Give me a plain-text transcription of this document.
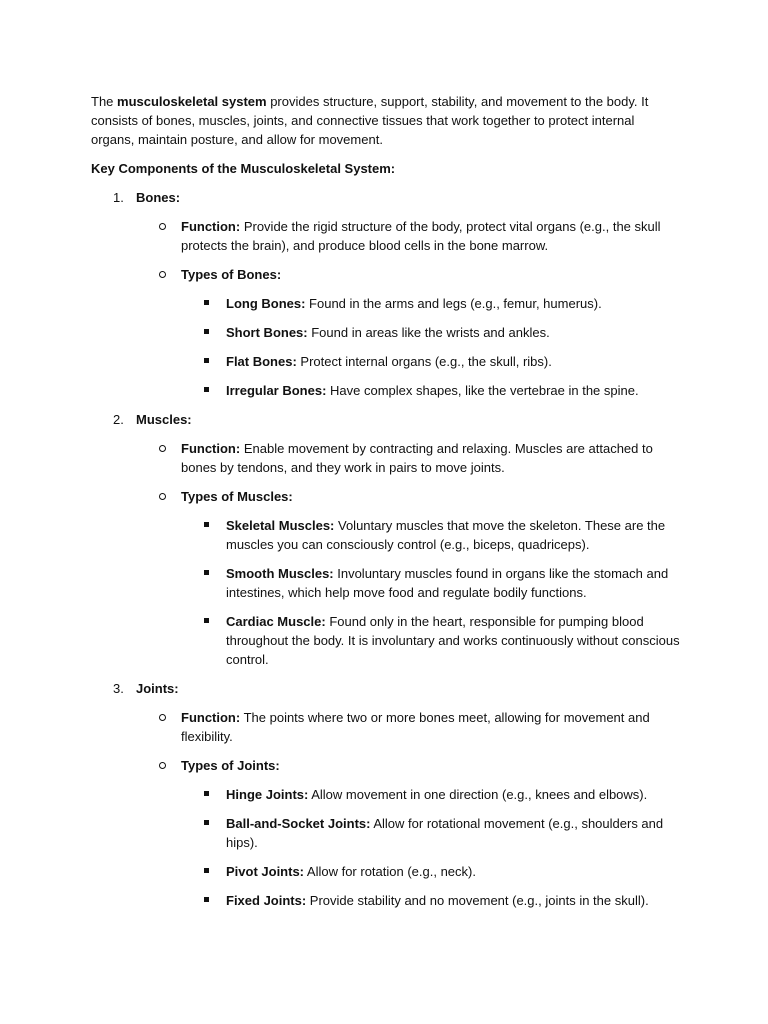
The musculoskeletal system provides structure, support, stability, and movement to the body. It consists of bones, muscles, joints, and connective tissues that work together to protect internal organs, maintain posture, and allow for movement.

Key Components of the Musculoskeletal System:

1. Bones:

Function: Provide the rigid structure of the body, protect vital organs (e.g., the skull protects the brain), and produce blood cells in the bone marrow.

Types of Bones:

Long Bones: Found in the arms and legs (e.g., femur, humerus).

Short Bones: Found in areas like the wrists and ankles.

Flat Bones: Protect internal organs (e.g., the skull, ribs).

Irregular Bones: Have complex shapes, like the vertebrae in the spine.

2. Muscles:

Function: Enable movement by contracting and relaxing. Muscles are attached to bones by tendons, and they work in pairs to move joints.

Types of Muscles:

Skeletal Muscles: Voluntary muscles that move the skeleton. These are the muscles you can consciously control (e.g., biceps, quadriceps).

Smooth Muscles: Involuntary muscles found in organs like the stomach and intestines, which help move food and regulate bodily functions.

Cardiac Muscle: Found only in the heart, responsible for pumping blood throughout the body. It is involuntary and works continuously without conscious control.

3. Joints:

Function: The points where two or more bones meet, allowing for movement and flexibility.

Types of Joints:

Hinge Joints: Allow movement in one direction (e.g., knees and elbows).

Ball-and-Socket Joints: Allow for rotational movement (e.g., shoulders and hips).

Pivot Joints: Allow for rotation (e.g., neck).

Fixed Joints: Provide stability and no movement (e.g., joints in the skull).
